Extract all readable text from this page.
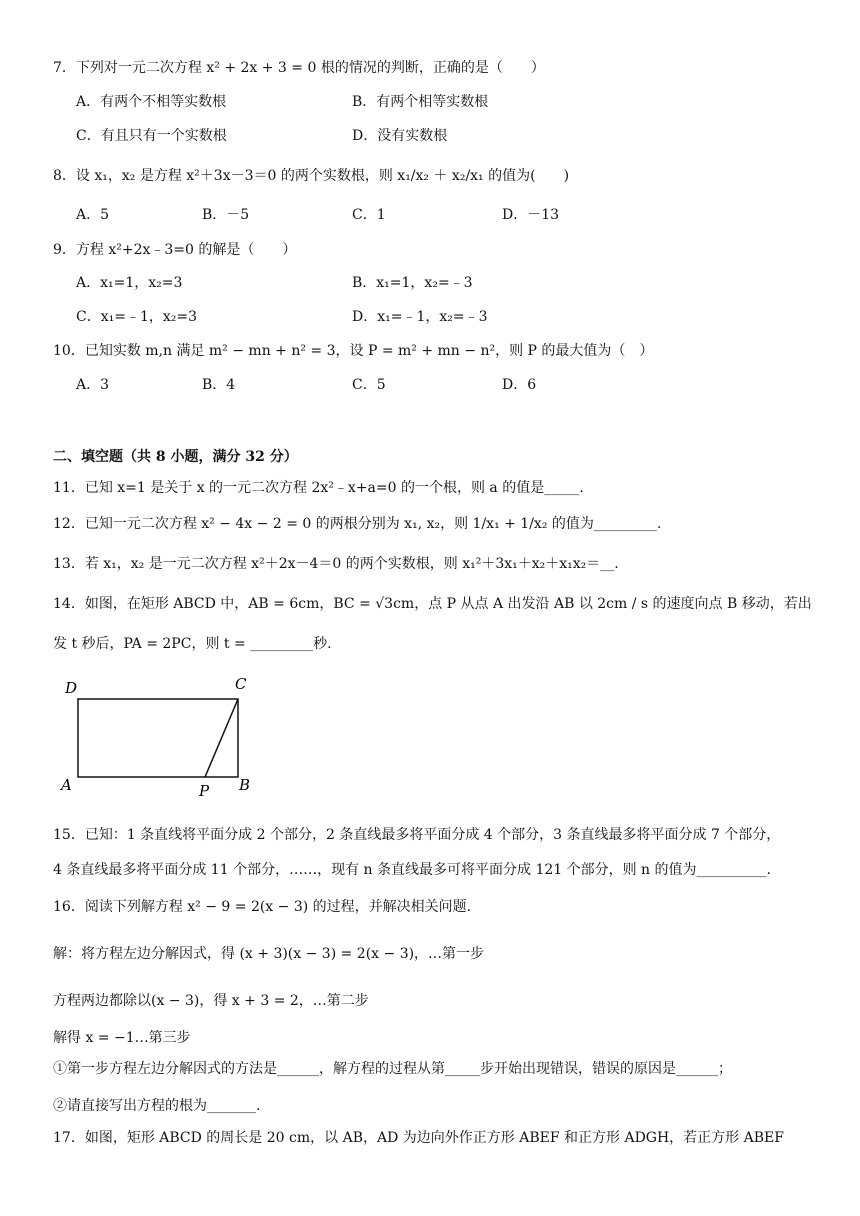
7．下列对一元二次方程 x² + 2x + 3 = 0 根的情况的判断，正确的是（　　）
A．有两个不相等实数根	B．有两个相等实数根
C．有且只有一个实数根	D．没有实数根
8．设 x₁，x₂ 是方程 x²＋3x－3＝0 的两个实数根，则 x₁/x₂ ＋ x₂/x₁ 的值为(　　)
A．5	B．－5	C．1	D．－13
9．方程 x²+2x﹣3=0 的解是（　　）
A．x₁=1，x₂=3	B．x₁=1，x₂=﹣3
C．x₁=﹣1，x₂=3	D．x₁=﹣1，x₂=﹣3
10．已知实数 m,n 满足 m² − mn + n² = 3，设 P = m² + mn − n²，则 P 的最大值为（　）
A．3	B．4	C．5	D．6
二、填空题（共 8 小题，满分 32 分）
11．已知 x=1 是关于 x 的一元二次方程 2x²﹣x+a=0 的一个根，则 a 的值是_____.
12．已知一元二次方程 x² − 4x − 2 = 0 的两根分别为 x₁, x₂，则 1/x₁ + 1/x₂ 的值为_________.
13．若 x₁，x₂ 是一元二次方程 x²＋2x－4＝0 的两个实数根，则 x₁²＋3x₁＋x₂＋x₁x₂＝__.
14．如图，在矩形 ABCD 中，AB = 6cm，BC = √3cm，点 P 从点 A 出发沿 AB 以 2cm / s 的速度向点 B 移动，若出
发 t 秒后，PA = 2PC，则 t = _________秒.
D	C
A	B
P
15．已知：1 条直线将平面分成 2 个部分，2 条直线最多将平面分成 4 个部分，3 条直线最多将平面分成 7 个部分，
4 条直线最多将平面分成 11 个部分，……，现有 n 条直线最多可将平面分成 121 个部分，则 n 的值为__________.
16．阅读下列解方程 x² − 9 = 2(x − 3) 的过程，并解决相关问题.
解：将方程左边分解因式，得 (x + 3)(x − 3) = 2(x − 3)，…第一步
方程两边都除以(x − 3)，得 x + 3 = 2，…第二步
解得 x = −1…第三步
①第一步方程左边分解因式的方法是______，解方程的过程从第_____步开始出现错误，错误的原因是______；
②请直接写出方程的根为_______.
17．如图，矩形 ABCD 的周长是 20 cm，以 AB，AD 为边向外作正方形 ABEF 和正方形 ADGH，若正方形 ABEF
